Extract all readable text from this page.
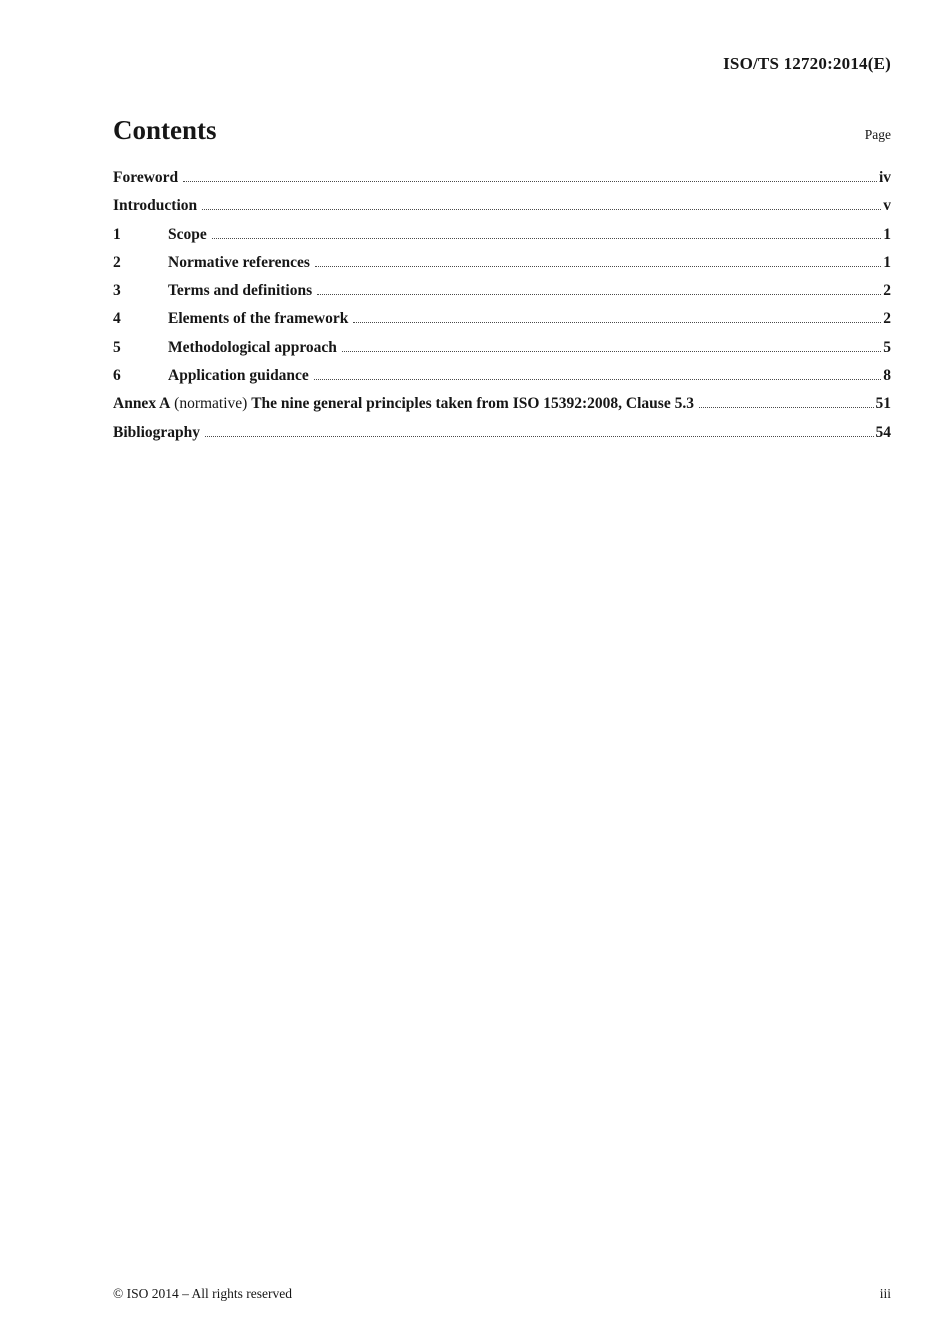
ISO/TS 12720:2014(E)
Contents	Page
Foreword	iv
Introduction	v
1	Scope	1
2	Normative references	1
3	Terms and definitions	2
4	Elements of the framework	2
5	Methodological approach	5
6	Application guidance	8
Annex A (normative) The nine general principles taken from ISO 15392:2008, Clause 5.3	51
Bibliography	54
© ISO 2014 – All rights reserved	iii
